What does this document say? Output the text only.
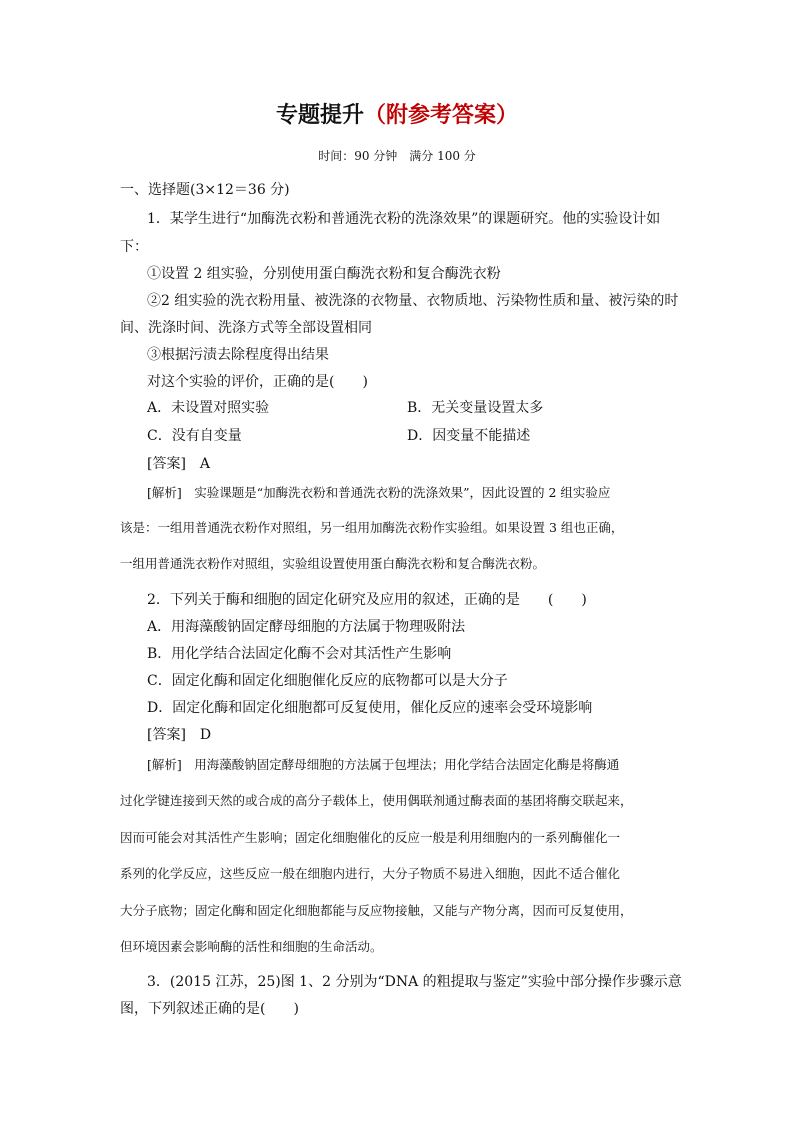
专题提升（附参考答案）
时间：90 分钟　满分 100 分
一、选择题(3×12＝36 分)
1．某学生进行“加酶洗衣粉和普通洗衣粉的洗涤效果”的课题研究。他的实验设计如
下：
①设置 2 组实验，分别使用蛋白酶洗衣粉和复合酶洗衣粉
②2 组实验的洗衣粉用量、被洗涤的衣物量、衣物质地、污染物性质和量、被污染的时
间、洗涤时间、洗涤方式等全部设置相同
③根据污渍去除程度得出结果
对这个实验的评价，正确的是(　　)
A．未设置对照实验	B．无关变量设置太多
C．没有自变量	D．因变量不能描述
[答案]　A
[解析]　实验课题是“加酶洗衣粉和普通洗衣粉的洗涤效果”，因此设置的 2 组实验应
该是：一组用普通洗衣粉作对照组，另一组用加酶洗衣粉作实验组。如果设置 3 组也正确，
一组用普通洗衣粉作对照组，实验组设置使用蛋白酶洗衣粉和复合酶洗衣粉。
2．下列关于酶和细胞的固定化研究及应用的叙述，正确的是　　(　　)
A．用海藻酸钠固定酵母细胞的方法属于物理吸附法
B．用化学结合法固定化酶不会对其活性产生影响
C．固定化酶和固定化细胞催化反应的底物都可以是大分子
D．固定化酶和固定化细胞都可反复使用，催化反应的速率会受环境影响
[答案]　D
[解析]　用海藻酸钠固定酵母细胞的方法属于包埋法；用化学结合法固定化酶是将酶通
过化学键连接到天然的或合成的高分子载体上，使用偶联剂通过酶表面的基团将酶交联起来，
因而可能会对其活性产生影响；固定化细胞催化的反应一般是利用细胞内的一系列酶催化一
系列的化学反应，这些反应一般在细胞内进行，大分子物质不易进入细胞，因此不适合催化
大分子底物；固定化酶和固定化细胞都能与反应物接触，又能与产物分离，因而可反复使用，
但环境因素会影响酶的活性和细胞的生命活动。
3．(2015 江苏，25)图 1、2 分别为“DNA 的粗提取与鉴定”实验中部分操作步骤示意
图，下列叙述正确的是(　　)
